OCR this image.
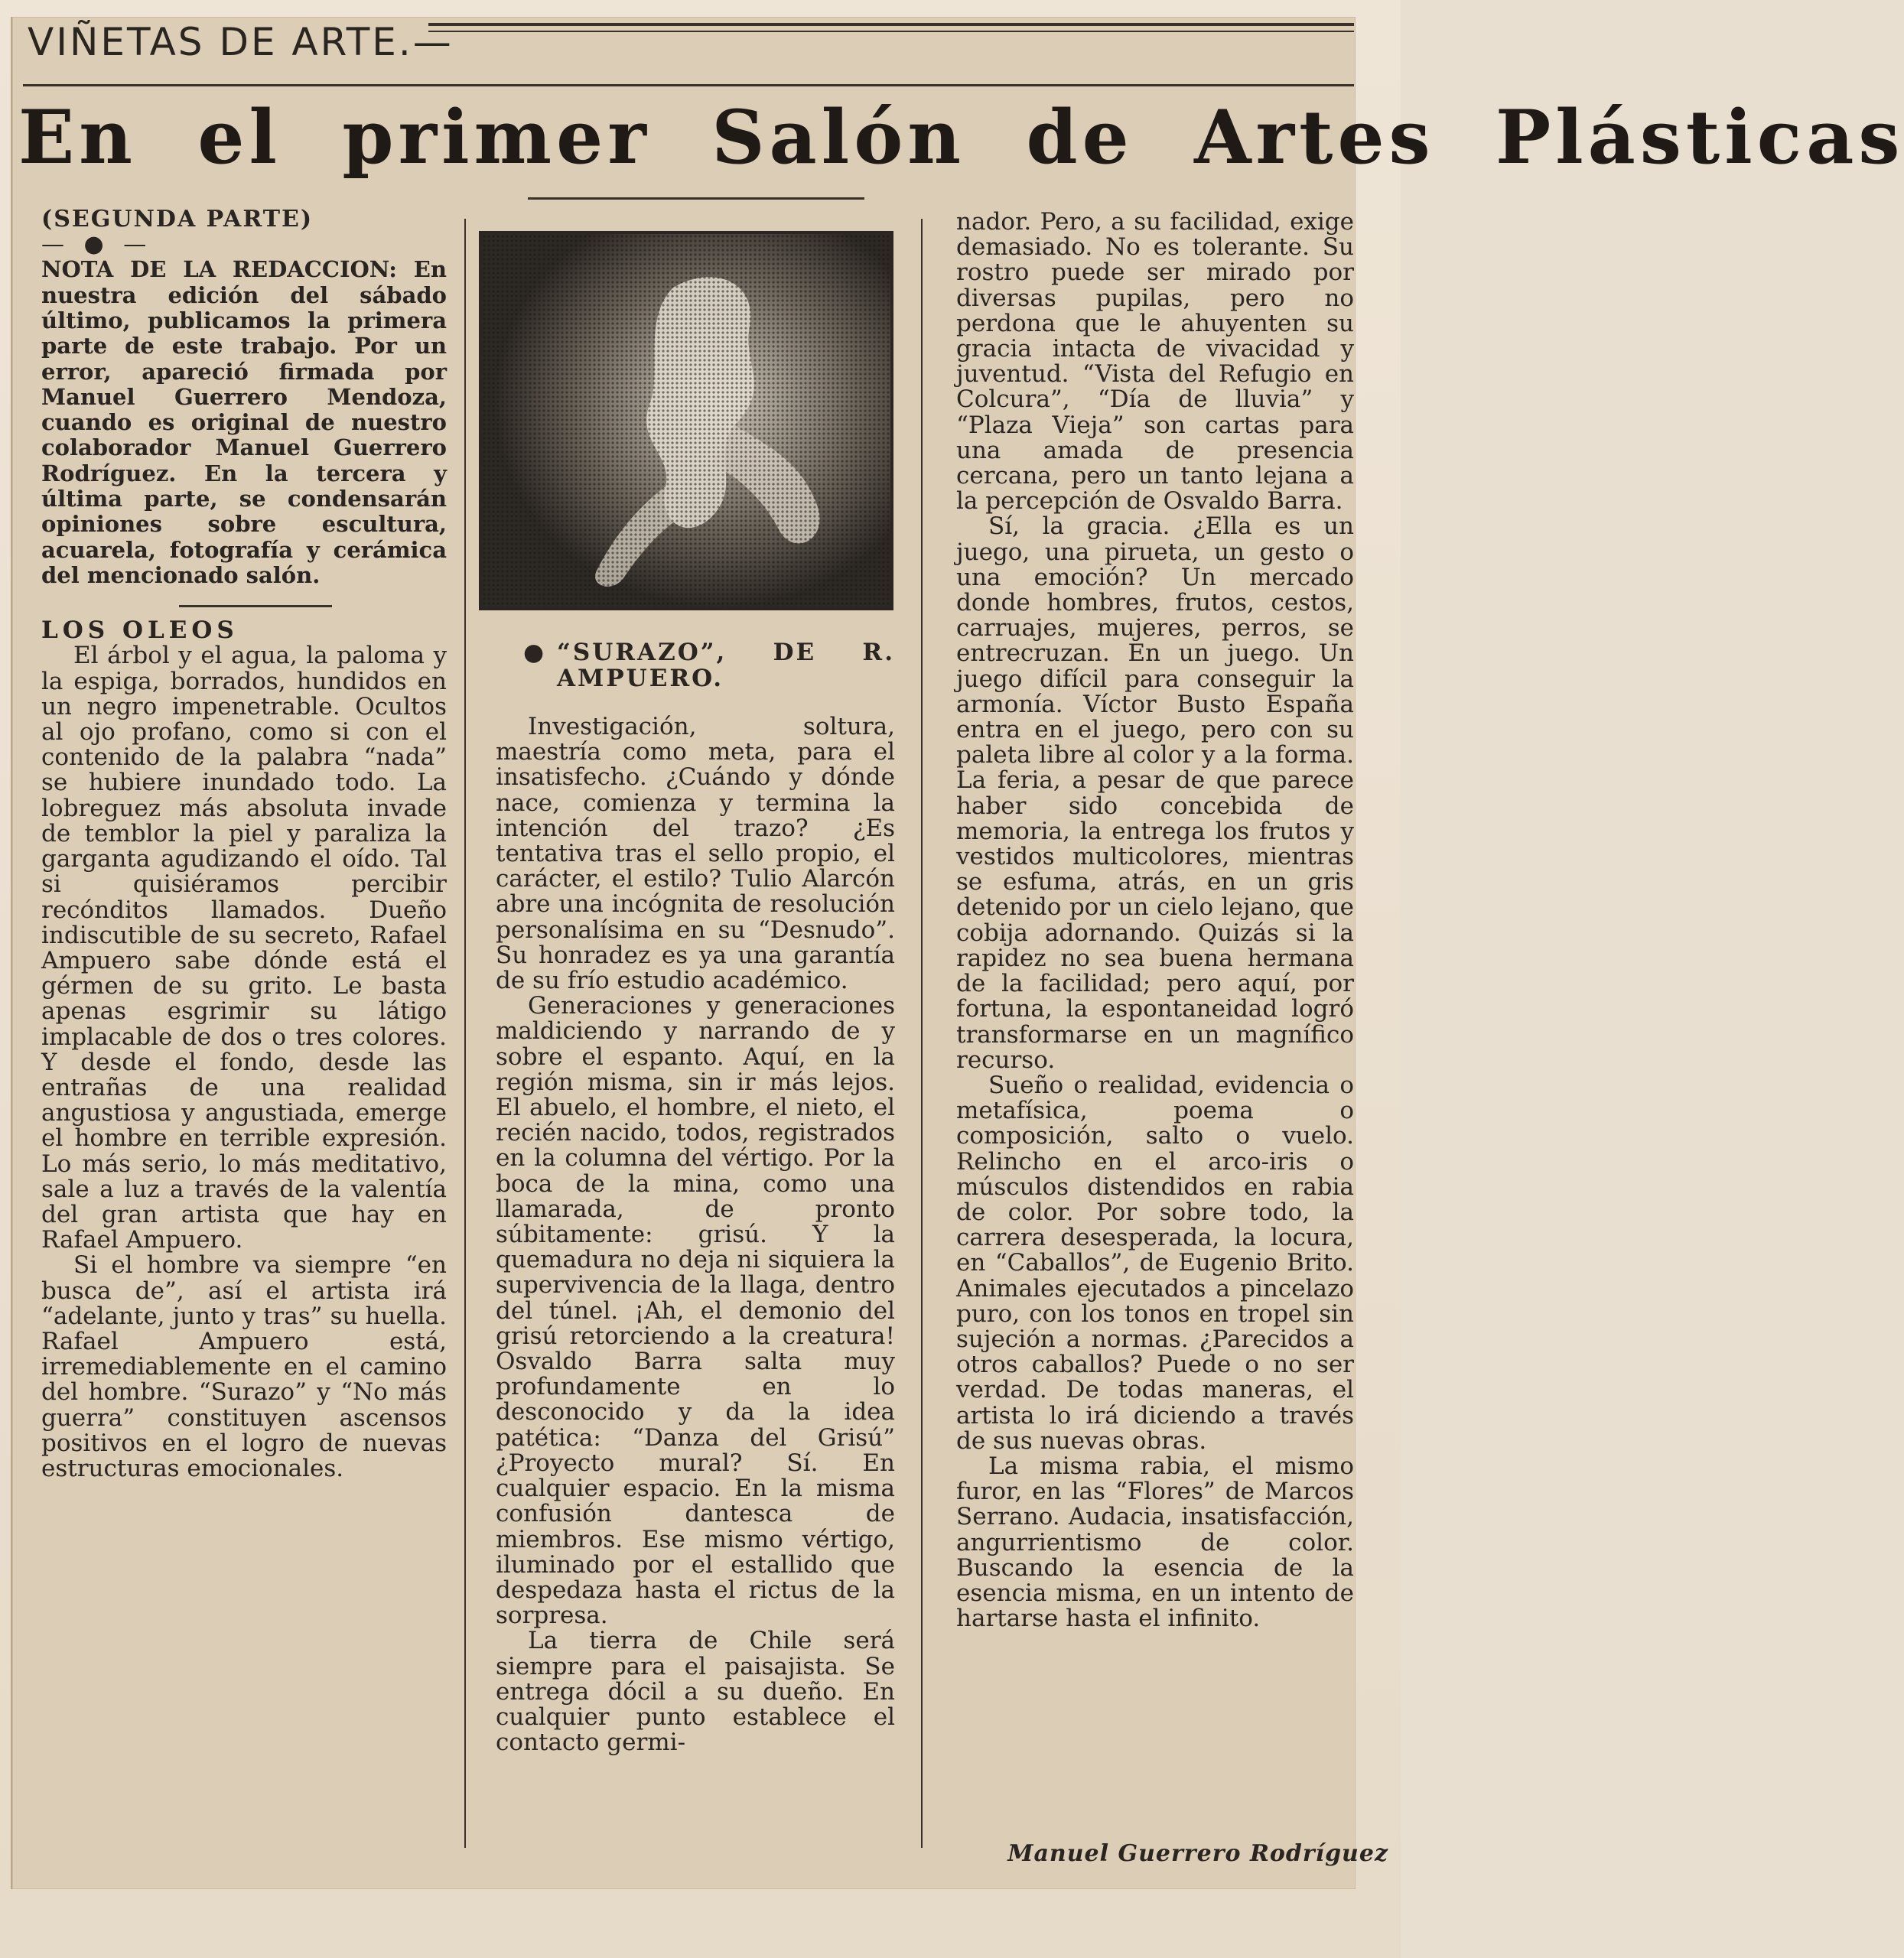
VIÑETAS DE ARTE.—
En el primer Salón de Artes Plásticas

(SEGUNDA PARTE)

— ● —

NOTA DE LA REDACCION: En nuestra edición del sábado último, publicamos la primera parte de este trabajo. Por un error, apareció firmada por Manuel Guerrero Mendoza, cuando es original de nuestro colaborador Manuel Guerrero Rodríguez. En la tercera y última parte, se condensarán opiniones sobre escultura, acuarela, fotografía y cerámica del mencionado salón.

LOS OLEOS

El árbol y el agua, la paloma y la espiga, borrados, hundidos en un negro impenetrable. Ocultos al ojo profano, como si con el contenido de la palabra “nada” se hubiere inundado todo. La lobreguez más absoluta invade de temblor la piel y paraliza la garganta agudizando el oído. Tal si quisiéramos percibir recónditos llamados. Dueño indiscutible de su secreto, Rafael Ampuero sabe dónde está el gérmen de su grito. Le basta apenas esgrimir su látigo implacable de dos o tres colores. Y desde el fondo, desde las entrañas de una realidad angustiosa y angustiada, emerge el hombre en terrible expresión. Lo más serio, lo más meditativo, sale a luz a través de la valentía del gran artista que hay en Rafael Ampuero.

Si el hombre va siempre “en busca de”, así el artista irá “adelante, junto y tras” su huella. Rafael Ampuero está, irremediablemente en el camino del hombre. “Surazo” y “No más guerra” constituyen ascensos positivos en el logro de nuevas estructuras emocionales.

● “SURAZO”, DE R. AMPUERO.

Investigación, soltura, maestría como meta, para el insatisfecho. ¿Cuándo y dónde nace, comienza y termina la intención del trazo? ¿Es tentativa tras el sello propio, el carácter, el estilo? Tulio Alarcón abre una incógnita de resolución personalísima en su “Desnudo”. Su honradez es ya una garantía de su frío estudio académico.

Generaciones y generaciones maldiciendo y narrando de y sobre el espanto. Aquí, en la región misma, sin ir más lejos. El abuelo, el hombre, el nieto, el recién nacido, todos, registrados en la columna del vértigo. Por la boca de la mina, como una llamarada, de pronto súbitamente: grisú. Y la quemadura no deja ni siquiera la supervivencia de la llaga, dentro del túnel. ¡Ah, el demonio del grisú retorciendo a la creatura! Osvaldo Barra salta muy profundamente en lo desconocido y da la idea patética: “Danza del Grisú” ¿Proyecto mural? Sí. En cualquier espacio. En la misma confusión dantesca de miembros. Ese mismo vértigo, iluminado por el estallido que despedaza hasta el rictus de la sorpresa.

La tierra de Chile será siempre para el paisajista. Se entrega dócil a su dueño. En cualquier punto establece el contacto germi-

nador. Pero, a su facilidad, exige demasiado. No es tolerante. Su rostro puede ser mirado por diversas pupilas, pero no perdona que le ahuyenten su gracia intacta de vivacidad y juventud. “Vista del Refugio en Colcura”, “Día de lluvia” y “Plaza Vieja” son cartas para una amada de presencia cercana, pero un tanto lejana a la percepción de Osvaldo Barra.

Sí, la gracia. ¿Ella es un juego, una pirueta, un gesto o una emoción? Un mercado donde hombres, frutos, cestos, carruajes, mujeres, perros, se entrecruzan. En un juego. Un juego difícil para conseguir la armonía. Víctor Busto España entra en el juego, pero con su paleta libre al color y a la forma. La feria, a pesar de que parece haber sido concebida de memoria, la entrega los frutos y vestidos multicolores, mientras se esfuma, atrás, en un gris detenido por un cielo lejano, que cobija adornando. Quizás si la rapidez no sea buena hermana de la facilidad; pero aquí, por fortuna, la espontaneidad logró transformarse en un magnífico recurso.

Sueño o realidad, evidencia o metafísica, poema o composición, salto o vuelo. Relincho en el arco-iris o músculos distendidos en rabia de color. Por sobre todo, la carrera desesperada, la locura, en “Caballos”, de Eugenio Brito. Animales ejecutados a pincelazo puro, con los tonos en tropel sin sujeción a normas. ¿Parecidos a otros caballos? Puede o no ser verdad. De todas maneras, el artista lo irá diciendo a través de sus nuevas obras.

La misma rabia, el mismo furor, en las “Flores” de Marcos Serrano. Audacia, insatisfacción, angurrientismo de color. Buscando la esencia de la esencia misma, en un intento de hartarse hasta el infinito.

Manuel Guerrero Rodríguez
